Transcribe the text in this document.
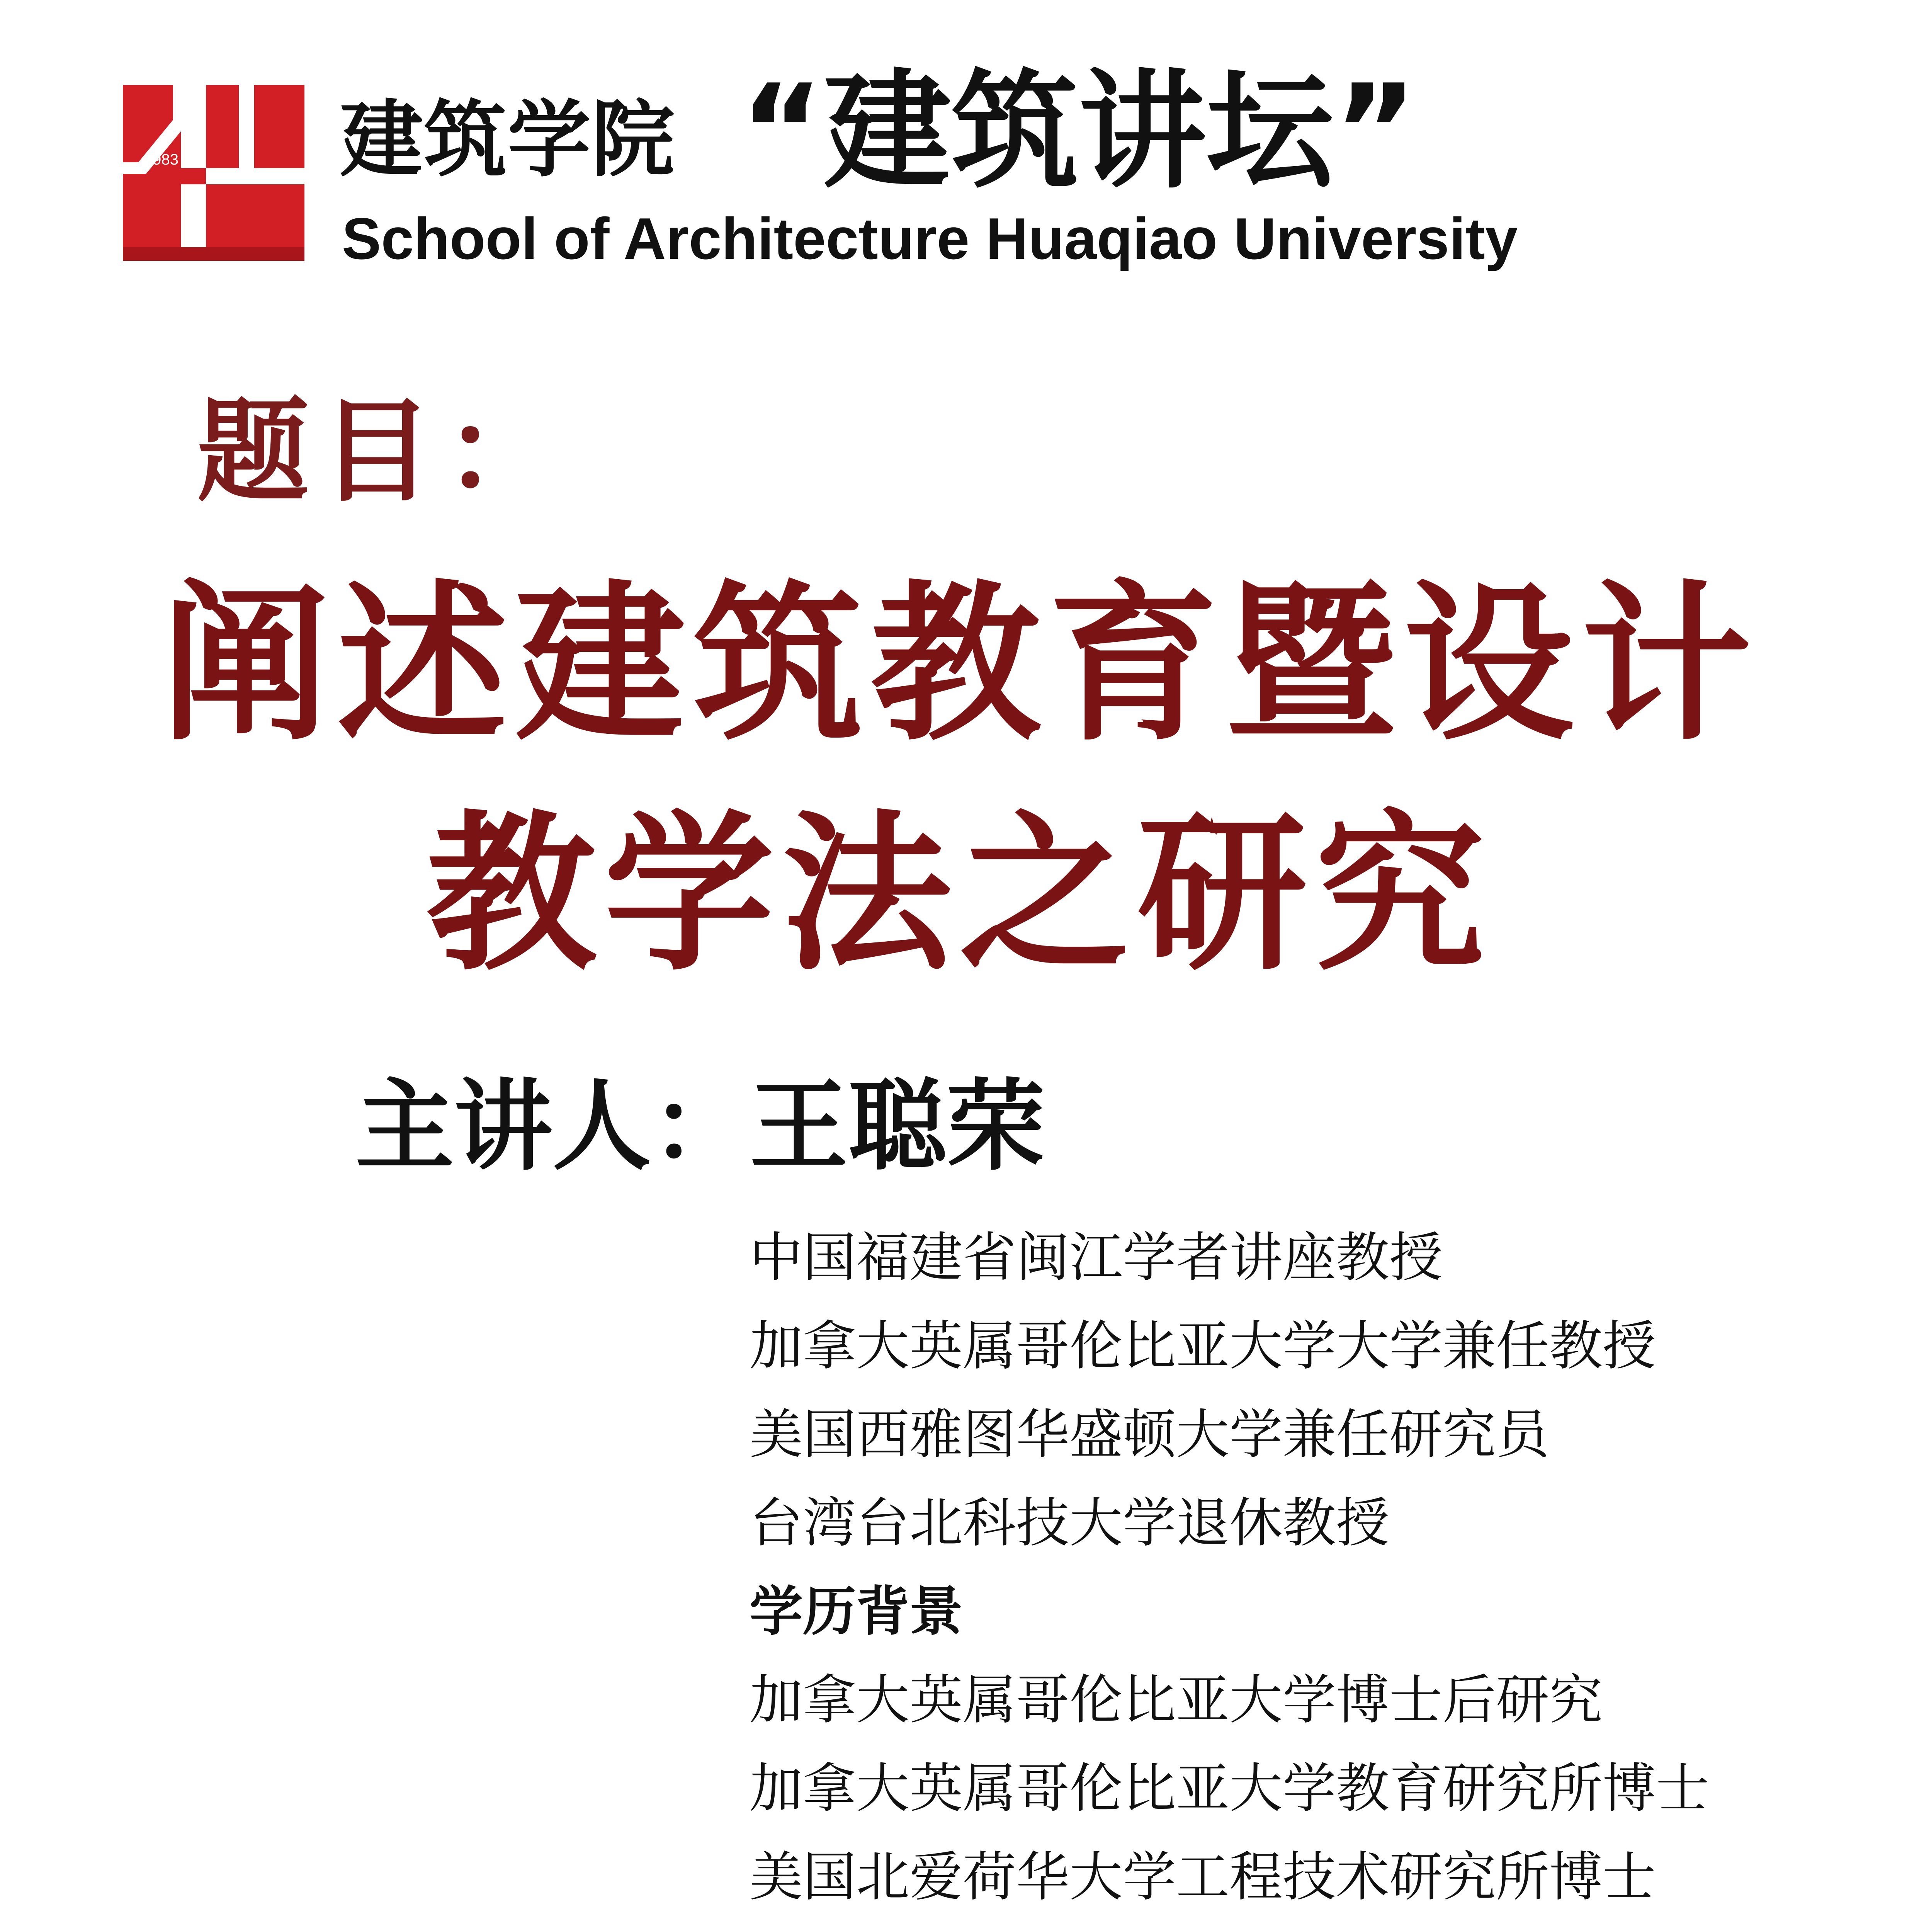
1983 建筑学院 “建筑讲坛”
School of Architecture Huaqiao University
题目：
阐述建筑教育暨设计
教学法之研究
主讲人：王聪荣
中国福建省闽江学者讲座教授
加拿大英属哥伦比亚大学大学兼任教授
美国西雅图华盛顿大学兼任研究员
台湾台北科技大学退休教授
学历背景
加拿大英属哥伦比亚大学博士后研究
加拿大英属哥伦比亚大学教育研究所博士
美国北爱荷华大学工程技术研究所博士
